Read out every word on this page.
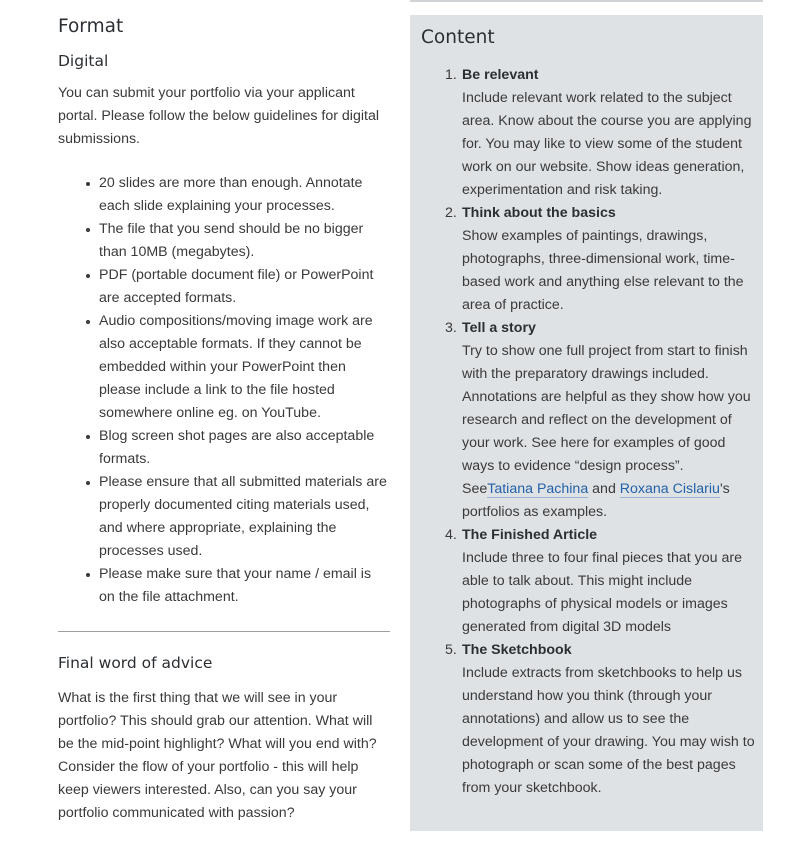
Format
Digital

You can submit your portfolio via your applicant portal. Please follow the below guidelines for digital submissions.

20 slides are more than enough. Annotate each slide explaining your processes.
The file that you send should be no bigger than 10MB (megabytes).
PDF (portable document file) or PowerPoint are accepted formats.
Audio compositions/moving image work are also acceptable formats. If they cannot be embedded within your PowerPoint then please include a link to the file hosted somewhere online eg. on YouTube.
Blog screen shot pages are also acceptable formats.
Please ensure that all submitted materials are properly documented citing materials used, and where appropriate, explaining the processes used.
Please make sure that your name / email is on the file attachment.
Final word of advice

What is the first thing that we will see in your portfolio? This should grab our attention. What will be the mid-point highlight? What will you end with? Consider the flow of your portfolio - this will help keep viewers interested. Also, can you say your portfolio communicated with passion?

Content
1. Be relevant
Include relevant work related to the subject area. Know about the course you are applying for. You may like to view some of the student work on our website. Show ideas generation, experimentation and risk taking.
2. Think about the basics
Show examples of paintings, drawings, photographs, three-dimensional work, time-based work and anything else relevant to the area of practice.
3. Tell a story
Try to show one full project from start to finish with the preparatory drawings included. Annotations are helpful as they show how you research and reflect on the development of your work. See here for examples of good ways to evidence “design process”.
SeeTatiana Pachina and Roxana Cislariu's portfolios as examples.
4. The Finished Article
Include three to four final pieces that you are able to talk about. This might include photographs of physical models or images generated from digital 3D models
5. The Sketchbook
Include extracts from sketchbooks to help us understand how you think (through your annotations) and allow us to see the development of your drawing. You may wish to photograph or scan some of the best pages from your sketchbook.
